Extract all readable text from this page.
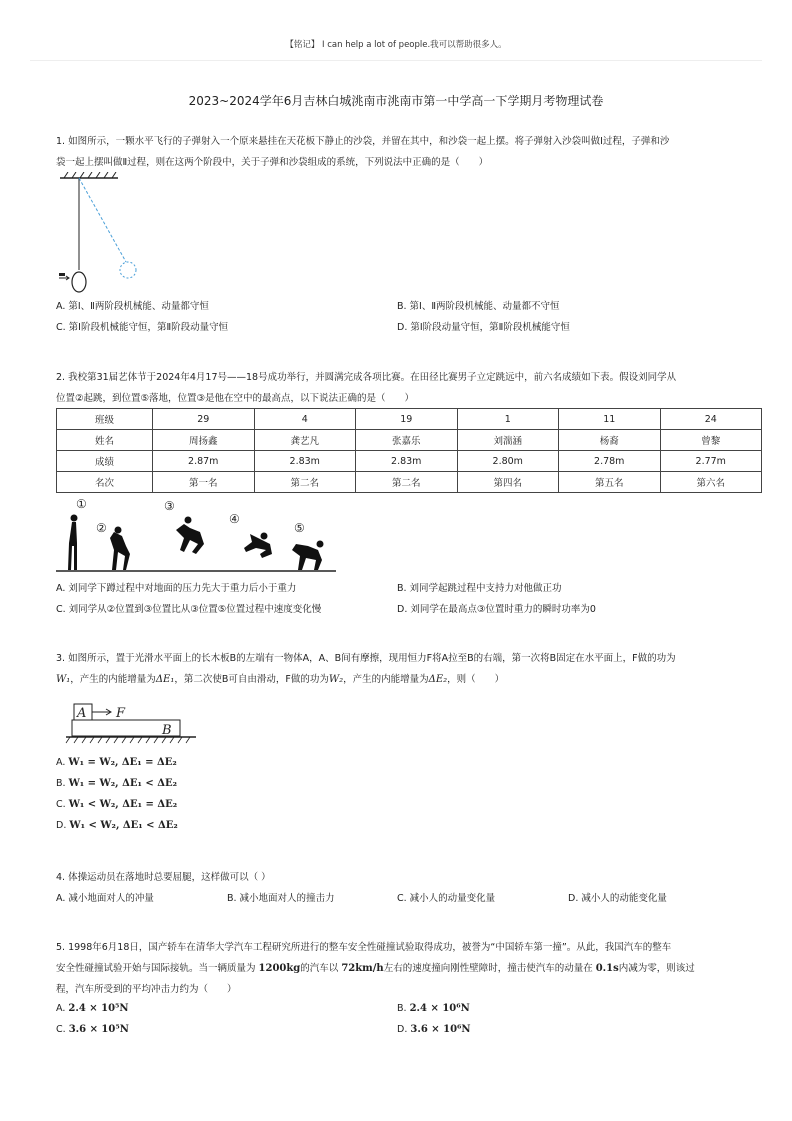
【铭记】 I can help a lot of people.我可以帮助很多人。
2023~2024学年6月吉林白城洮南市洮南市第一中学高一下学期月考物理试卷
1. 如图所示，一颗水平飞行的子弹射入一个原来悬挂在天花板下静止的沙袋，并留在其中，和沙袋一起上摆。将子弹射入沙袋叫做Ⅰ过程，子弹和沙
袋一起上摆叫做Ⅱ过程，则在这两个阶段中，关于子弹和沙袋组成的系统，下列说法中正确的是（　　）
A. 第Ⅰ、Ⅱ两阶段机械能、动量都守恒	B. 第Ⅰ、Ⅱ两阶段机械能、动量都不守恒
C. 第Ⅰ阶段机械能守恒，第Ⅱ阶段动量守恒	D. 第Ⅰ阶段动量守恒，第Ⅱ阶段机械能守恒
2. 我校第31届艺体节于2024年4月17号——18号成功举行，并圆满完成各项比赛。在田径比赛男子立定跳远中，前六名成绩如下表。假设刘同学从
位置②起跳，到位置⑤落地，位置③是他在空中的最高点，以下说法正确的是（　　）
班级	29	4	19	1	11	24
姓名	周扬鑫	龚艺凡	张嘉乐	刘湍涵	杨裔	曾黎
成绩	2.87m	2.83m	2.83m	2.80m	2.78m	2.77m
名次	第一名	第二名	第二名	第四名	第五名	第六名
①
②
③
④
⑤
A. 刘同学下蹲过程中对地面的压力先大于重力后小于重力	B. 刘同学起跳过程中支持力对他做正功
C. 刘同学从②位置到③位置比从③位置⑤位置过程中速度变化慢	D. 刘同学在最高点③位置时重力的瞬时功率为0
3. 如图所示，置于光滑水平面上的长木板B的左端有一物体A，A、B间有摩擦，现用恒力F将A拉至B的右端，第一次将B固定在水平面上，F做的功为
W₁，产生的内能增量为ΔE₁，第二次使B可自由滑动，F做的功为W₂，产生的内能增量为ΔE₂，则（　　）
A F
B
A. W₁ = W₂, ΔE₁ = ΔE₂
B. W₁ = W₂, ΔE₁ < ΔE₂
C. W₁ < W₂, ΔE₁ = ΔE₂
D. W₁ < W₂, ΔE₁ < ΔE₂
4. 体操运动员在落地时总要屈腿，这样做可以（ ）
A. 减小地面对人的冲量	B. 减小地面对人的撞击力	C. 减小人的动量变化量	D. 减小人的动能变化量
5. 1998年6月18日，国产轿车在清华大学汽车工程研究所进行的整车安全性碰撞试验取得成功，被誉为“中国轿车第一撞”。从此，我国汽车的整车
安全性碰撞试验开始与国际接轨。当一辆质量为 1200kg的汽车以 72km/h左右的速度撞向刚性壁障时，撞击使汽车的动量在 0.1s内减为零，则该过
程，汽车所受到的平均冲击力约为（　　）
A. 2.4 × 10⁵N	B. 2.4 × 10⁶N
C. 3.6 × 10⁵N	D. 3.6 × 10⁶N
